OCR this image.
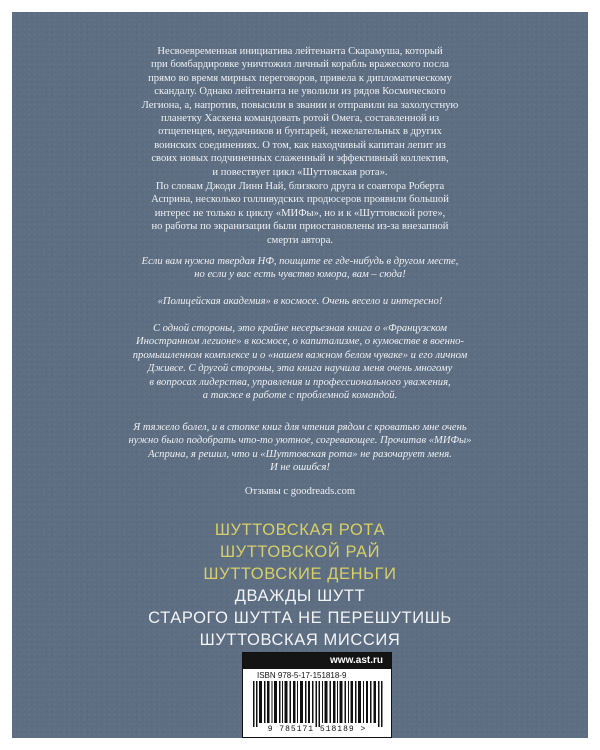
Несвоевременная инициатива лейтенанта Скарамуша, который
при бомбардировке уничтожил личный корабль вражеского посла
прямо во время мирных переговоров, привела к дипломатическому
скандалу. Однако лейтенанта не уволили из рядов Космического
Легиона, а, напротив, повысили в звании и отправили на захолустную
планетку Хаскена командовать ротой Омега, составленной из
отщепенцев, неудачников и бунтарей, нежелательных в других
воинских соединениях. О том, как находчивый капитан лепит из
своих новых подчиненных слаженный и эффективный коллектив,
и повествует цикл «Шуттовская рота».

По словам Джоди Линн Най, близкого друга и соавтора Роберта
Асприна, несколько голливудских продюсеров проявили большой
интерес не только к циклу «МИФы», но и к «Шуттовской роте»,
но работы по экранизации были приостановлены из-за внезапной
смерти автора.

Если вам нужна твердая НФ, поищите ее где-нибудь в другом месте,
но если у вас есть чувство юмора, вам – сюда!

«Полицейская академия» в космосе. Очень весело и интересно!

С одной стороны, это крайне несерьезная книга о «Французском
Иностранном легионе» в космосе, о капитализме, о кумовстве в военно-
промышленном комплексе и о «нашем важном белом чуваке» и его личном
Дживсе. С другой стороны, эта книга научила меня очень многому
в вопросах лидерства, управления и профессионального уважения,
а также в работе с проблемной командой.

Я тяжело болел, и в стопке книг для чтения рядом с кроватью мне очень
нужно было подобрать что-то уютное, согревающее. Прочитав «МИФы»
Асприна, я решил, что и «Шуттовская рота» не разочарует меня.
И не ошибся!

Отзывы с goodreads.com

ШУТТОВСКАЯ РОТА
ШУТТОВСКОЙ РАЙ
ШУТТОВСКИЕ ДЕНЬГИ
ДВАЖДЫ ШУТТ
СТАРОГО ШУТТА НЕ ПЕРЕШУТИШЬ
ШУТТОВСКАЯ МИССИЯ
www.ast.ru
ISBN 978-5-17-151818-9
9 785171 518189 >
